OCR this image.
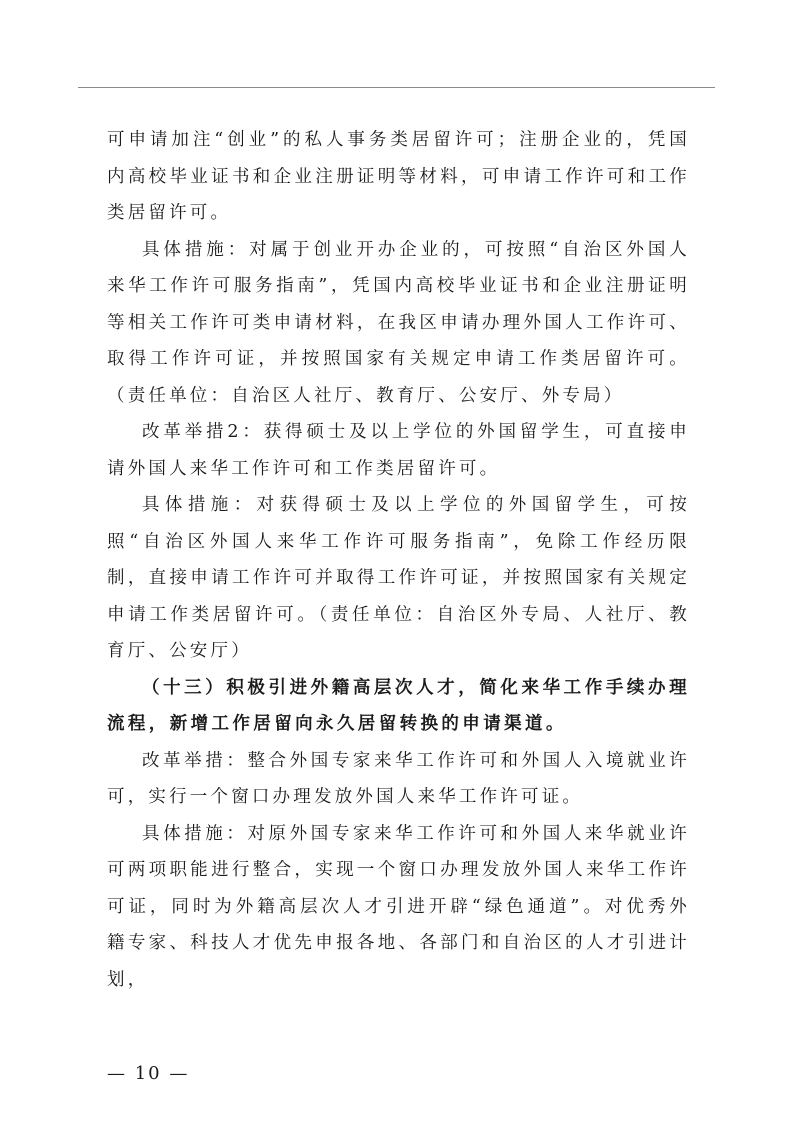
可申请加注“创业”的私人事务类居留许可；注册企业的，凭国内高校毕业证书和企业注册证明等材料，可申请工作许可和工作类居留许可。

具体措施：对属于创业开办企业的，可按照“自治区外国人来华工作许可服务指南”，凭国内高校毕业证书和企业注册证明等相关工作许可类申请材料，在我区申请办理外国人工作许可、取得工作许可证，并按照国家有关规定申请工作类居留许可。（责任单位：自治区人社厅、教育厅、公安厅、外专局）

改革举措2：获得硕士及以上学位的外国留学生，可直接申请外国人来华工作许可和工作类居留许可。

具体措施：对获得硕士及以上学位的外国留学生，可按照“自治区外国人来华工作许可服务指南”，免除工作经历限制，直接申请工作许可并取得工作许可证，并按照国家有关规定申请工作类居留许可。（责任单位：自治区外专局、人社厅、教育厅、公安厅）

（十三）积极引进外籍高层次人才，简化来华工作手续办理流程，新增工作居留向永久居留转换的申请渠道。

改革举措：整合外国专家来华工作许可和外国人入境就业许可，实行一个窗口办理发放外国人来华工作许可证。

具体措施：对原外国专家来华工作许可和外国人来华就业许可两项职能进行整合，实现一个窗口办理发放外国人来华工作许可证，同时为外籍高层次人才引进开辟“绿色通道”。对优秀外籍专家、科技人才优先申报各地、各部门和自治区的人才引进计划，

— 10 —
